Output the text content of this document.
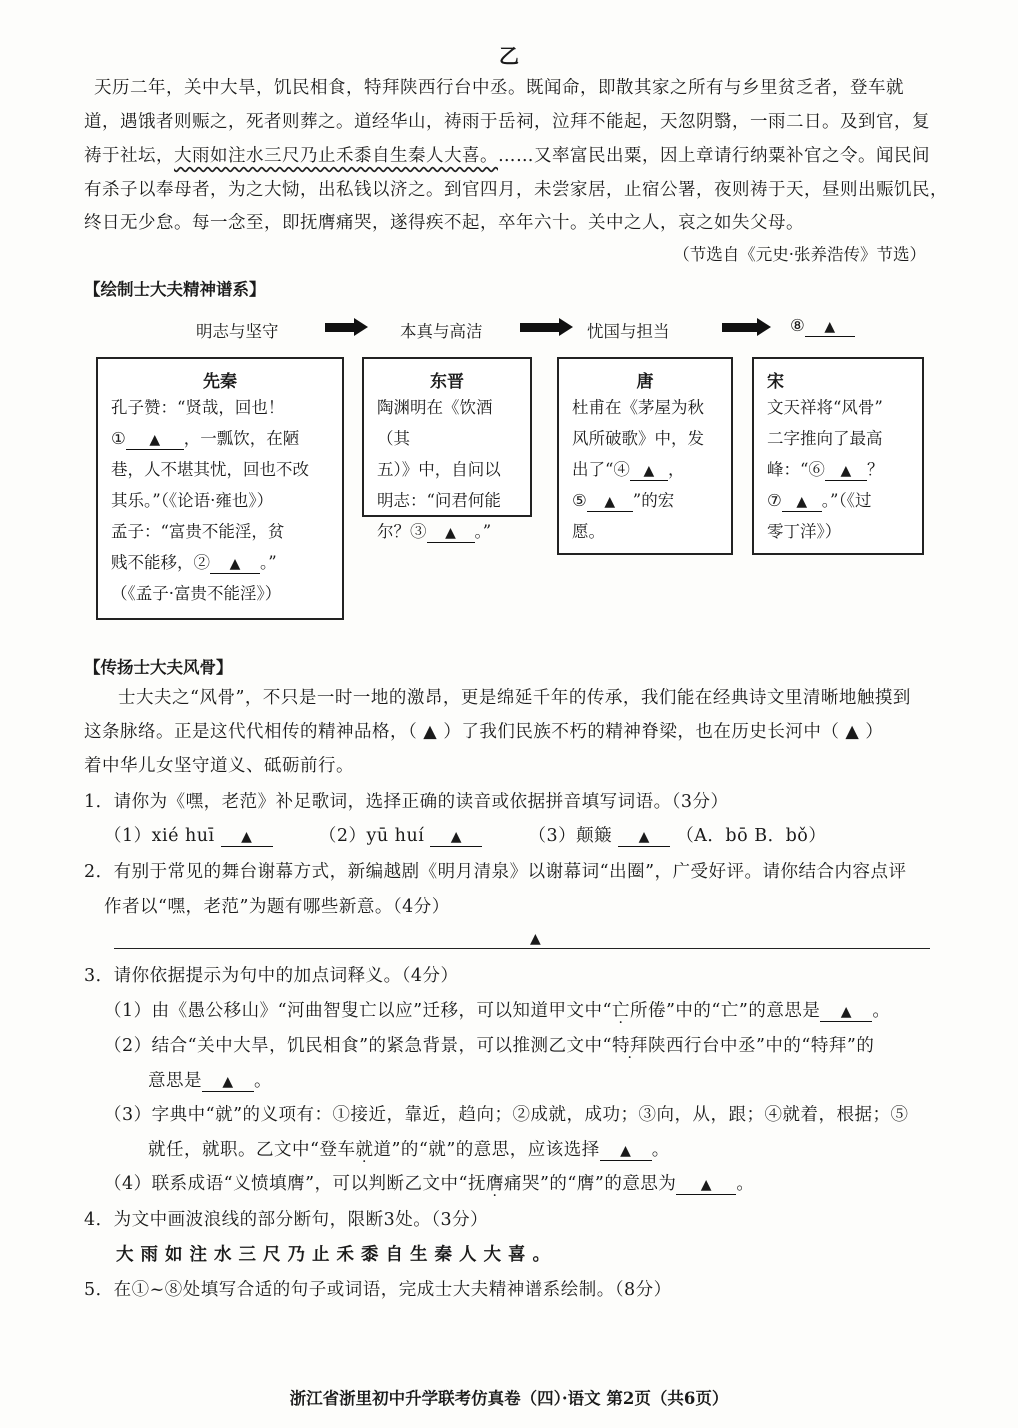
乙
天历二年，关中大旱，饥民相食，特拜陕西行台中丞。既闻命，即散其家之所有与乡里贫乏者，登车就
道，遇饿者则赈之，死者则葬之。道经华山，祷雨于岳祠，泣拜不能起，天忽阴翳，一雨二日。及到官，复
祷于社坛，大雨如注水三尺乃止禾黍自生秦人大喜。……又率富民出粟，因上章请行纳粟补官之令。闻民间
有杀子以奉母者，为之大恸，出私钱以济之。到官四月，未尝家居，止宿公署，夜则祷于天，昼则出赈饥民，
终日无少怠。每一念至，即抚膺痛哭，遂得疾不起，卒年六十。关中之人，哀之如失父母。
（节选自《元史·张养浩传》节选）
【绘制士大夫精神谱系】
明志与坚守	本真与高洁	忧国与担当	⑧ ▲
先秦
孔子赞：“贤哉，回也！
① ▲ ，一瓢饮，在陋
巷，人不堪其忧，回也不改
其乐。”（《论语·雍也》）
孟子：“富贵不能淫，贫
贱不能移，② ▲ 。”
（《孟子·富贵不能淫》）
东晋
陶渊明在《饮酒（其
五）》中，自问以
明志：“问君何能
尔？③ ▲ 。”
唐
杜甫在《茅屋为秋
风所破歌》中，发
出了“④ ▲ ，
⑤ ▲ ”的宏
愿。
宋
文天祥将“风骨”
二字推向了最高
峰：“⑥ ▲ ？
⑦ ▲ 。”（《过
零丁洋》）
【传扬士大夫风骨】
士大夫之“风骨”，不只是一时一地的激昂，更是绵延千年的传承，我们能在经典诗文里清晰地触摸到
这条脉络。正是这代代相传的精神品格，（ ▲ ）了我们民族不朽的精神脊梁，也在历史长河中（ ▲ ）
着中华儿女坚守道义、砥砺前行。
1．请你为《嘿，老范》补足歌词，选择正确的读音或依据拼音填写词语。（3分）
（1）xié huī ▲	（2）yū huí ▲	（3）颠簸 ▲ （A．bō B．bǒ）
2．有别于常见的舞台谢幕方式，新编越剧《明月清泉》以谢幕词“出圈”，广受好评。请你结合内容点评
作者以“嘿，老范”为题有哪些新意。（4分）
▲
3．请你依据提示为句中的加点词释义。（4分）
（1）由《愚公移山》“河曲智叟亡以应”迁移，可以知道甲文中“亡所倦”中的“亡”的意思是 ▲ 。
（2）结合“关中大旱，饥民相食”的紧急背景，可以推测乙文中“特拜陕西行台中丞”中的“特拜”的
意思是 ▲ 。
（3）字典中“就”的义项有：①接近，靠近，趋向；②成就，成功；③向，从，跟；④就着，根据；⑤
就任，就职。乙文中“登车就道”的“就”的意思，应该选择 ▲ 。
（4）联系成语“义愤填膺”，可以判断乙文中“抚膺痛哭”的“膺”的意思为 ▲ 。
4．为文中画波浪线的部分断句，限断3处。（3分）
大雨如注水三尺乃止禾黍自生秦人大喜。
5．在①~⑧处填写合适的句子或词语，完成士大夫精神谱系绘制。（8分）
浙江省浙里初中升学联考仿真卷（四）·语文 第2页（共6页）
